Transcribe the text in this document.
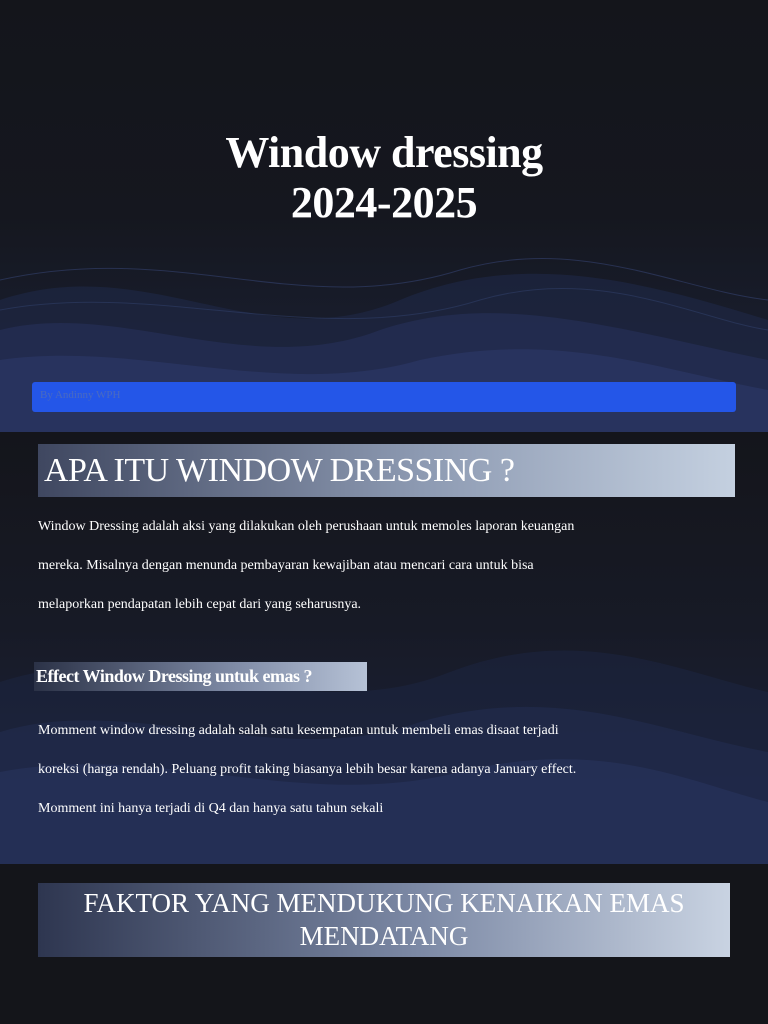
Window dressing
2024-2025
By Andinny WPH
APA ITU WINDOW DRESSING ?
Window Dressing adalah aksi yang dilakukan oleh perushaan untuk memoles laporan keuangan
mereka. Misalnya dengan menunda pembayaran kewajiban atau mencari cara untuk bisa
melaporkan pendapatan lebih cepat dari yang seharusnya.
Effect Window Dressing untuk emas ?
Momment window dressing adalah salah satu kesempatan untuk membeli emas disaat terjadi
koreksi (harga rendah). Peluang profit taking biasanya lebih besar karena adanya January effect.
Momment ini hanya terjadi di Q4 dan hanya satu tahun sekali
FAKTOR YANG MENDUKUNG KENAIKAN EMAS
MENDATANG
